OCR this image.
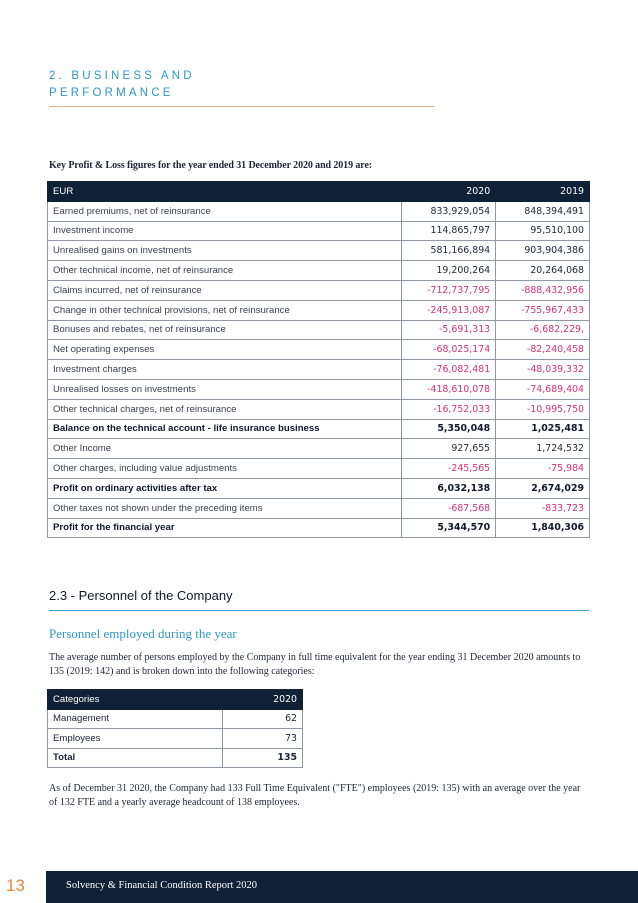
2. BUSINESS AND
PERFORMANCE
Key Profit & Loss figures for the year ended 31 December 2020 and 2019 are:
EUR	2020	2019
Earned premiums, net of reinsurance	833,929,054	848,394,491
Investment income	114,865,797	95,510,100
Unrealised gains on investments	581,166,894	903,904,386
Other technical income, net of reinsurance	19,200,264	20,264,068
Claims incurred, net of reinsurance	-712,737,795	-888,432,956
Change in other technical provisions, net of reinsurance	-245,913,087	-755,967,433
Bonuses and rebates, net of reinsurance	-5,691,313	-6,682,229,
Net operating expenses	-68,025,174	-82,240,458
Investment charges	-76,082,481	-48,039,332
Unrealised losses on investments	-418,610,078	-74,689,404
Other technical charges, net of reinsurance	-16,752,033	-10,995,750
Balance on the technical account - life insurance business	5,350,048	1,025,481
Other Income	927,655	1,724,532
Other charges, including value adjustments	-245,565	-75,984
Profit on ordinary activities after tax	6,032,138	2,674,029
Other taxes not shown under the preceding items	-687,568	-833,723
Profit for the financial year	5,344,570	1,840,306
2.3 - Personnel of the Company
Personnel employed during the year
The average number of persons employed by the Company in full time equivalent for the year ending 31 December 2020 amounts to 135 (2019: 142) and is broken down into the following categories:
Categories	2020
Management	62
Employees	73
Total	135
As of December 31 2020, the Company had 133 Full Time Equivalent ("FTE") employees (2019: 135) with an average over the year of 132 FTE and a yearly average headcount of 138 employees.
13	Solvency & Financial Condition Report 2020
